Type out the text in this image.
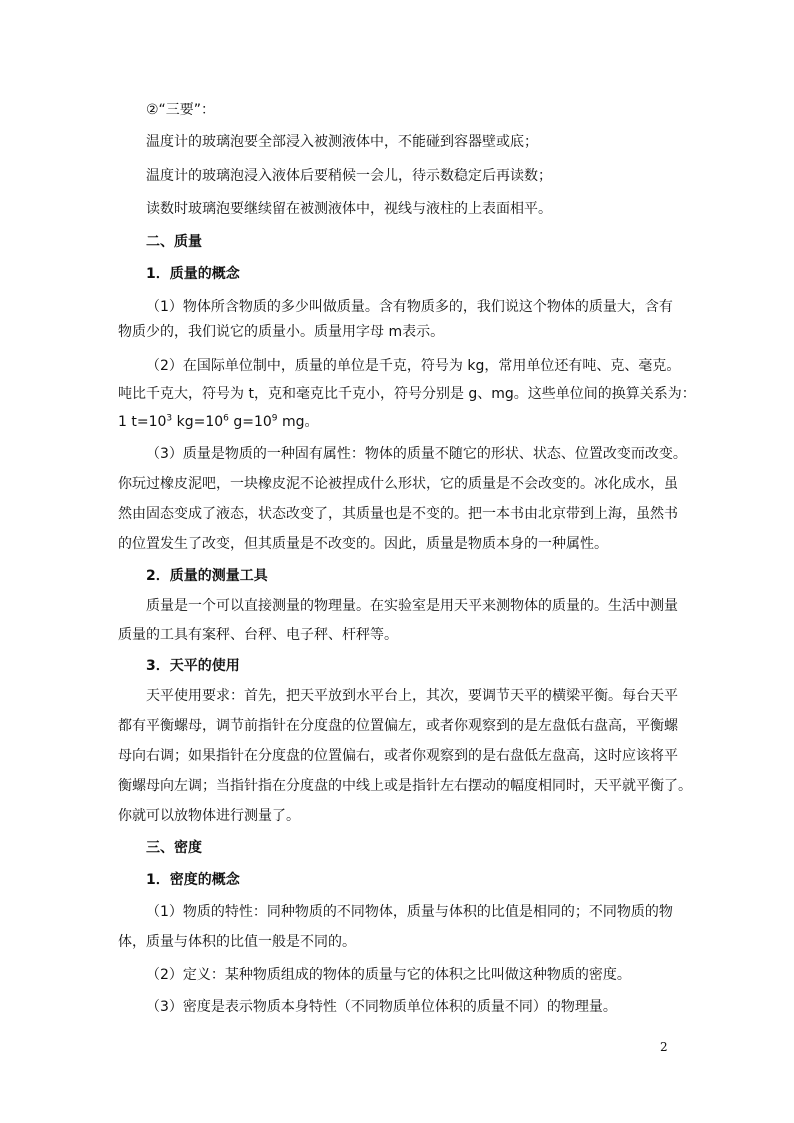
②“三要”：
温度计的玻璃泡要全部浸入被测液体中，不能碰到容器壁或底；
温度计的玻璃泡浸入液体后要稍候一会儿，待示数稳定后再读数；
读数时玻璃泡要继续留在被测液体中，视线与液柱的上表面相平。
二、质量
1．质量的概念
（1）物体所含物质的多少叫做质量。含有物质多的，我们说这个物体的质量大，含有
物质少的，我们说它的质量小。质量用字母 m表示。
（2）在国际单位制中，质量的单位是千克，符号为 kg，常用单位还有吨、克、毫克。
吨比千克大，符号为 t，克和毫克比千克小，符号分别是 g、mg。这些单位间的换算关系为：
1 $t=10^3$ $kg=10^6$ $g=10^9$ mg。
（3）质量是物质的一种固有属性：物体的质量不随它的形状、状态、位置改变而改变。
你玩过橡皮泥吧，一块橡皮泥不论被捏成什么形状，它的质量是不会改变的。冰化成水，虽
然由固态变成了液态，状态改变了，其质量也是不变的。把一本书由北京带到上海，虽然书
的位置发生了改变，但其质量是不改变的。因此，质量是物质本身的一种属性。
2．质量的测量工具
质量是一个可以直接测量的物理量。在实验室是用天平来测物体的质量的。生活中测量
质量的工具有案秤、台秤、电子秤、杆秤等。
3．天平的使用
天平使用要求：首先，把天平放到水平台上，其次，要调节天平的横梁平衡。每台天平
都有平衡螺母，调节前指针在分度盘的位置偏左，或者你观察到的是左盘低右盘高，平衡螺
母向右调；如果指针在分度盘的位置偏右，或者你观察到的是右盘低左盘高，这时应该将平
衡螺母向左调；当指针指在分度盘的中线上或是指针左右摆动的幅度相同时，天平就平衡了。
你就可以放物体进行测量了。
三、密度
1．密度的概念
（1）物质的特性：同种物质的不同物体，质量与体积的比值是相同的；不同物质的物
体，质量与体积的比值一般是不同的。
（2）定义：某种物质组成的物体的质量与它的体积之比叫做这种物质的密度。
（3）密度是表示物质本身特性（不同物质单位体积的质量不同）的物理量。
2
